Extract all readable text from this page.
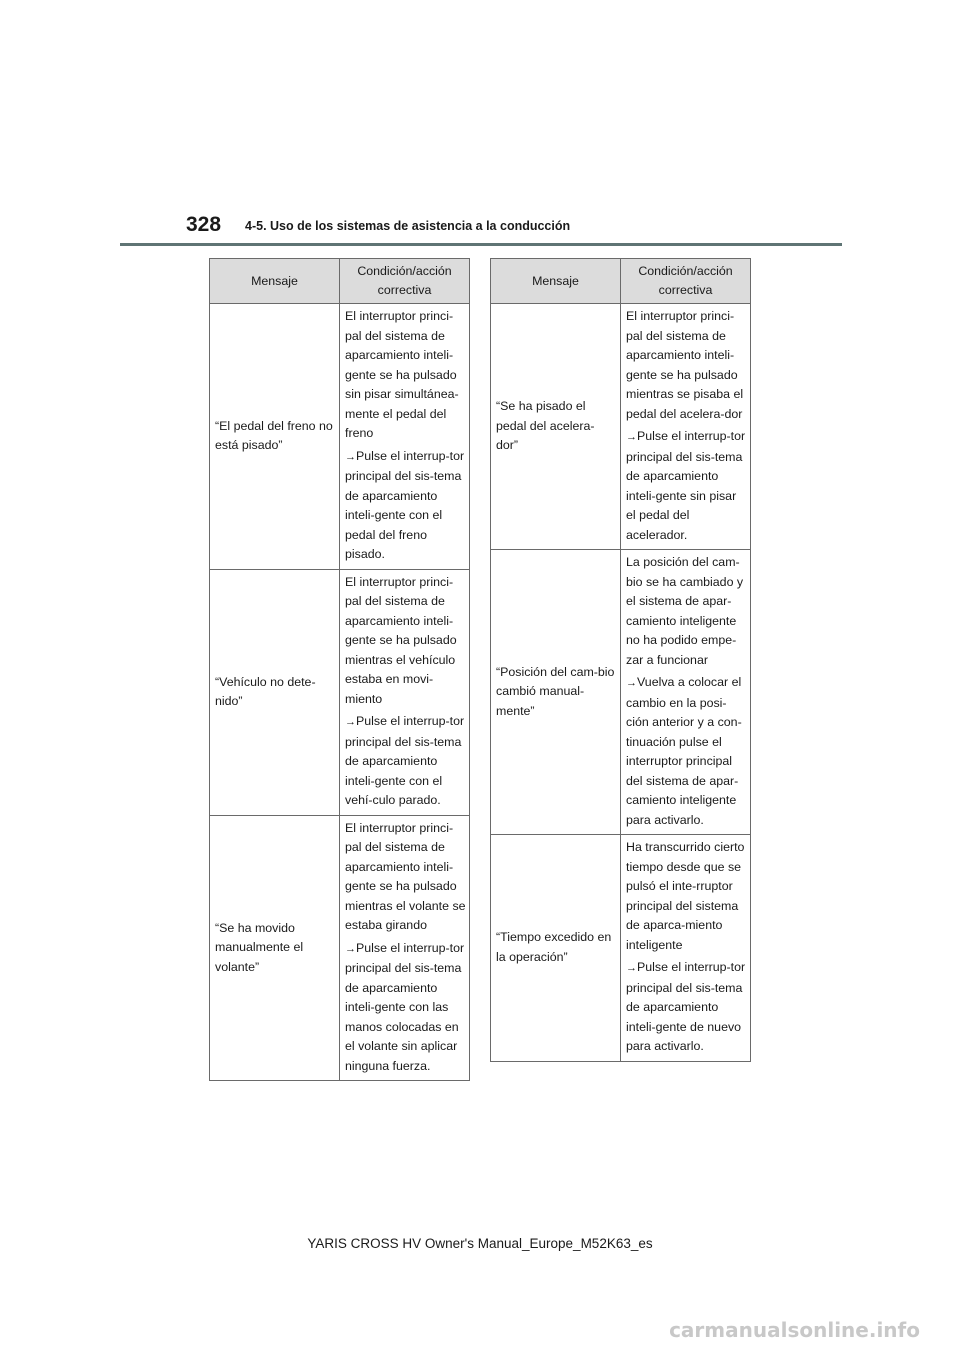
328 4-5. Uso de los sistemas de asistencia a la conducción
Mensaje	Condición/acción correctiva
“El pedal del freno no está pisado”	El interruptor princi-pal del sistema de aparcamiento inteli-gente se ha pulsado sin pisar simultánea-mente el pedal del freno

→Pulse el interrup-tor principal del sis-tema de aparcamiento inteli-gente con el pedal del freno pisado.

“Vehículo no dete-nido”	El interruptor princi-pal del sistema de aparcamiento inteli-gente se ha pulsado mientras el vehículo estaba en movi-miento

→Pulse el interrup-tor principal del sis-tema de aparcamiento inteli-gente con el vehí-culo parado.

“Se ha movido manualmente el volante”	El interruptor princi-pal del sistema de aparcamiento inteli-gente se ha pulsado mientras el volante se estaba girando

→Pulse el interrup-tor principal del sis-tema de aparcamiento inteli-gente con las manos colocadas en el volante sin aplicar ninguna fuerza.

Mensaje	Condición/acción correctiva
“Se ha pisado el pedal del acelera-dor”	El interruptor princi-pal del sistema de aparcamiento inteli-gente se ha pulsado mientras se pisaba el pedal del acelera-dor

→Pulse el interrup-tor principal del sis-tema de aparcamiento inteli-gente sin pisar el pedal del acelerador.

“Posición del cam-bio cambió manual-mente”	La posición del cam-bio se ha cambiado y el sistema de apar-camiento inteligente no ha podido empe-zar a funcionar

→Vuelva a colocar el cambio en la posi-ción anterior y a con-tinuación pulse el interruptor principal del sistema de apar-camiento inteligente para activarlo.

“Tiempo excedido en la operación”	Ha transcurrido cierto tiempo desde que se pulsó el inte-rruptor principal del sistema de aparca-miento inteligente

→Pulse el interrup-tor principal del sis-tema de aparcamiento inteli-gente de nuevo para activarlo.

YARIS CROSS HV Owner's Manual_Europe_M52K63_es
carmanualsonline.info
